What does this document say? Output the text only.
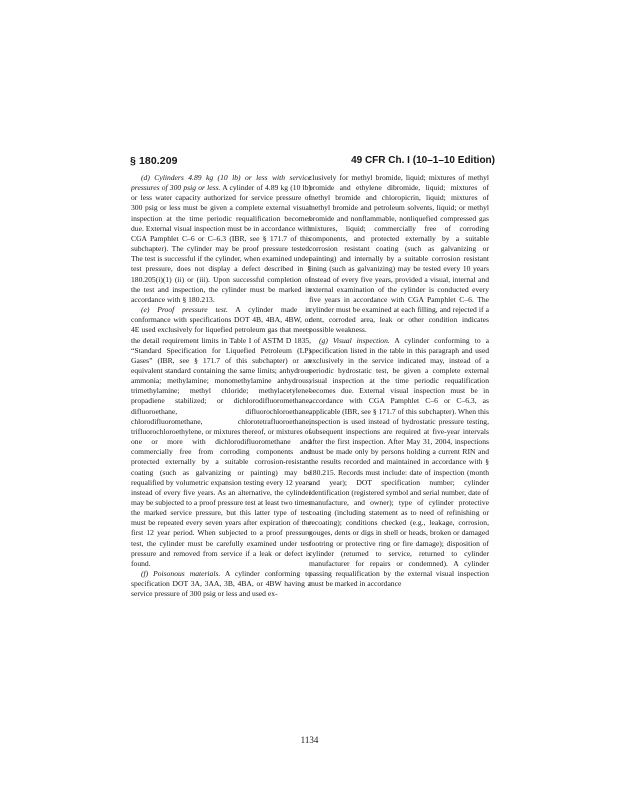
§ 180.209	49 CFR Ch. I (10–1–10 Edition)

(d) Cylinders 4.89 kg (10 lb) or less with service pressures of 300 psig or less. A cylinder of 4.89 kg (10 lb) or less water capacity authorized for service pressure of 300 psig or less must be given a complete external visual inspection at the time periodic requalification becomes due. External visual inspection must be in accordance with CGA Pamphlet C–6 or C–6.3 (IBR, see § 171.7 of this subchapter). The cylinder may be proof pressure tested. The test is successful if the cylinder, when examined under test pressure, does not display a defect described in § 180.205(i)(1) (ii) or (iii). Upon successful completion of the test and inspection, the cylinder must be marked in accordance with § 180.213.

(e) Proof pressure test. A cylinder made in conformance with specifications DOT 4B, 4BA, 4BW, or 4E used exclusively for liquefied petroleum gas that meets the detail requirement limits in Table I of ASTM D 1835, “Standard Specification for Liquefied Petroleum (LP) Gases” (IBR, see § 171.7 of this subchapter) or an equivalent standard containing the same limits; anhydrous ammonia; methylamine; monomethylamine anhydrous; trimethylamine; methyl chloride; methylacetylene-propadiene stabilized; or dichlorodifluoromethane, difluoroethane, difluorochloroethane, chlorodifluoromethane, chlorotetrafluoroethane, trifluorochloroethylene, or mixtures thereof, or mixtures of one or more with dichlorodifluoromethane and commercially free from corroding components and protected externally by a suitable corrosion-resistant coating (such as galvanizing or painting) may be requalified by volumetric expansion testing every 12 years instead of every five years. As an alternative, the cylinder may be subjected to a proof pressure test at least two times the marked service pressure, but this latter type of test must be repeated every seven years after expiration of the first 12 year period. When subjected to a proof pressure test, the cylinder must be carefully examined under test pressure and removed from service if a leak or defect is found.

(f) Poisonous materials. A cylinder conforming to specification DOT 3A, 3AA, 3B, 4BA, or 4BW having a service pressure of 300 psig or less and used ex-

clusively for methyl bromide, liquid; mixtures of methyl bromide and ethylene dibromide, liquid; mixtures of methyl bromide and chloropicrin, liquid; mixtures of methyl bromide and petroleum solvents, liquid; or methyl bromide and nonflammable, nonliquefied compressed gas mixtures, liquid; commercially free of corroding components, and protected externally by a suitable corrosion resistant coating (such as galvanizing or painting) and internally by a suitable corrosion resistant lining (such as galvanizing) may be tested every 10 years instead of every five years, provided a visual, internal and external examination of the cylinder is conducted every five years in accordance with CGA Pamphlet C–6. The cylinder must be examined at each filling, and rejected if a dent, corroded area, leak or other condition indicates possible weakness.

(g) Visual inspection. A cylinder conforming to a specification listed in the table in this paragraph and used exclusively in the service indicated may, instead of a periodic hydrostatic test, be given a complete external visual inspection at the time periodic requalification becomes due. External visual inspection must be in accordance with CGA Pamphlet C–6 or C–6.3, as applicable (IBR, see § 171.7 of this subchapter). When this inspection is used instead of hydrostatic pressure testing, subsequent inspections are required at five-year intervals after the first inspection. After May 31, 2004, inspections must be made only by persons holding a current RIN and the results recorded and maintained in accordance with § 180.215. Records must include: date of inspection (month and year); DOT specification number; cylinder identification (registered symbol and serial number, date of manufacture, and owner); type of cylinder protective coating (including statement as to need of refinishing or recoating); conditions checked (e.g., leakage, corrosion, gouges, dents or digs in shell or heads, broken or damaged footring or protective ring or fire damage); disposition of cylinder (returned to service, returned to cylinder manufacturer for repairs or condemned). A cylinder passing requalification by the external visual inspection must be marked in accordance

1134
